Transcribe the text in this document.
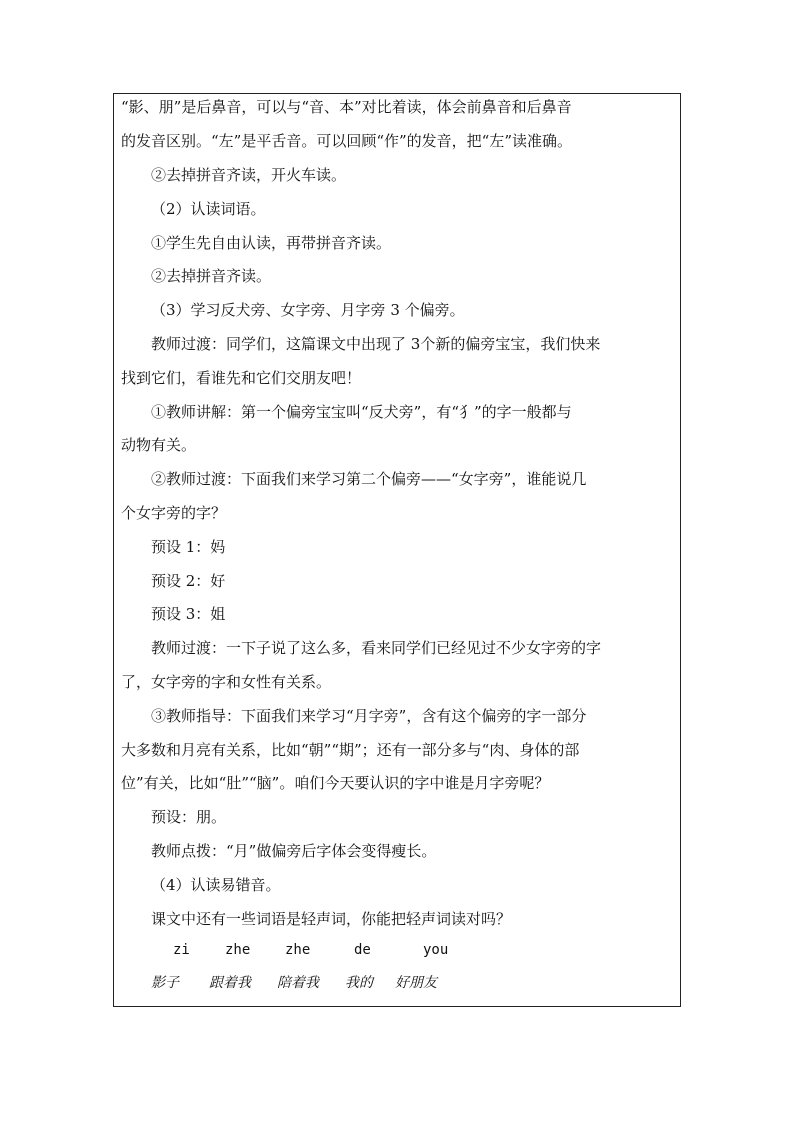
“影、朋”是后鼻音，可以与“音、本”对比着读，体会前鼻音和后鼻音
的发音区别。“左”是平舌音。可以回顾“作”的发音，把“左”读准确。
②去掉拼音齐读，开火车读。
（2）认读词语。
①学生先自由认读，再带拼音齐读。
②去掉拼音齐读。
（3）学习反犬旁、女字旁、月字旁 3 个偏旁。
教师过渡：同学们，这篇课文中出现了 3个新的偏旁宝宝，我们快来
找到它们，看谁先和它们交朋友吧！
①教师讲解：第一个偏旁宝宝叫“反犬旁”，有“犭”的字一般都与
动物有关。
②教师过渡：下面我们来学习第二个偏旁——“女字旁”，谁能说几
个女字旁的字？
预设 1：妈
预设 2：好
预设 3：姐
教师过渡：一下子说了这么多，看来同学们已经见过不少女字旁的字
了，女字旁的字和女性有关系。
③教师指导：下面我们来学习“月字旁”，含有这个偏旁的字一部分
大多数和月亮有关系，比如“朝”“期”；还有一部分多与“肉、身体的部
位”有关，比如“肚”“脑”。咱们今天要认识的字中谁是月字旁呢？
预设：朋。
教师点拨：“月”做偏旁后字体会变得瘦长。
（4）认读易错音。
课文中还有一些词语是轻声词，你能把轻声词读对吗？
zi	zhe zhe	de	you
影子 跟着我 陪着我 我的 好朋友
